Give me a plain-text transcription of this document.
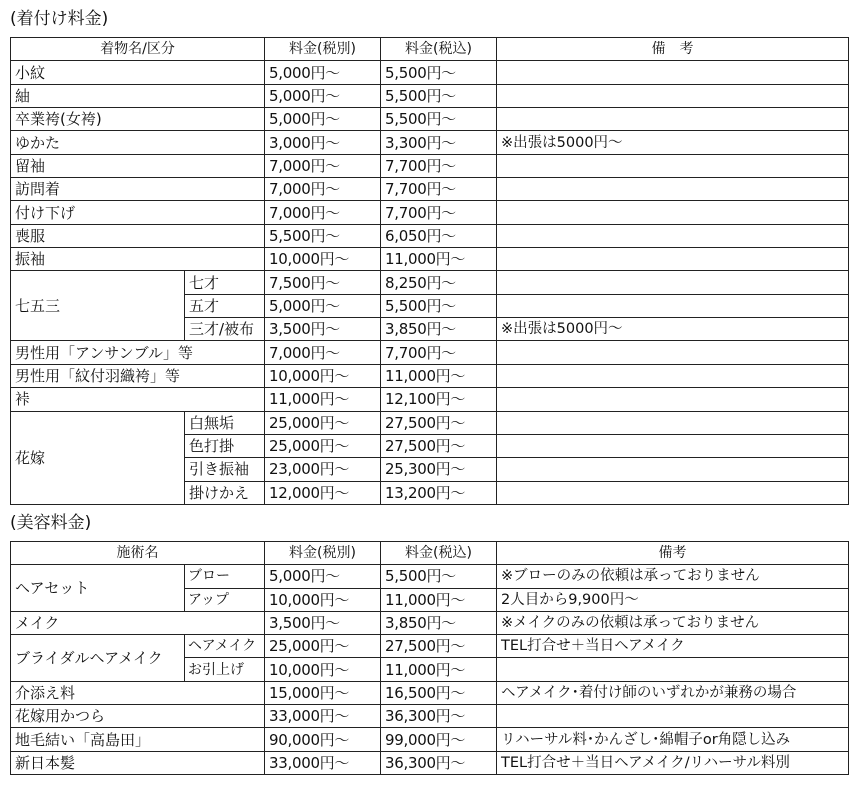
(着付け料金)
着物名/区分		料金(税別)	料金(税込)	備　考
小紋		5,000円～	5,500円～	
紬		5,000円～	5,500円～	
卒業袴(女袴)		5,000円～	5,500円～	
ゆかた		3,000円～	3,300円～	※出張は5000円～
留袖		7,000円～	7,700円～	
訪問着		7,000円～	7,700円～	
付け下げ		7,000円～	7,700円～	
喪服		5,500円～	6,050円～	
振袖		10,000円～	11,000円～	
七五三	七才	7,500円～	8,250円～	
	五才	5,000円～	5,500円～	
	三才/被布	3,500円～	3,850円～	※出張は5000円～
男性用「アンサンブル」等		7,000円～	7,700円～	
男性用「紋付羽織袴」等		10,000円～	11,000円～	
裃		11,000円～	12,100円～	
花嫁	白無垢	25,000円～	27,500円～	
	色打掛	25,000円～	27,500円～	
	引き振袖	23,000円～	25,300円～	
	掛けかえ	12,000円～	13,200円～	
(美容料金)
施術名		料金(税別)	料金(税込)	備考
ヘアセット	ブロー	5,000円～	5,500円～	※ブローのみの依頼は承っておりません
	アップ	10,000円～	11,000円～	2人目から9,900円～
メイク		3,500円～	3,850円～	※メイクのみの依頼は承っておりません
ブライダルヘアメイク	ヘアメイク	25,000円～	27,500円～	TEL打合せ＋当日ヘアメイク
	お引上げ	10,000円～	11,000円～	
介添え料		15,000円～	16,500円～	ヘアメイク･着付け師のいずれかが兼務の場合
花嫁用かつら		33,000円～	36,300円～	
地毛結い「高島田」		90,000円～	99,000円～	リハーサル料･かんざし･綿帽子or角隠し込み
新日本髪		33,000円～	36,300円～	TEL打合せ＋当日ヘアメイク/リハーサル料別
